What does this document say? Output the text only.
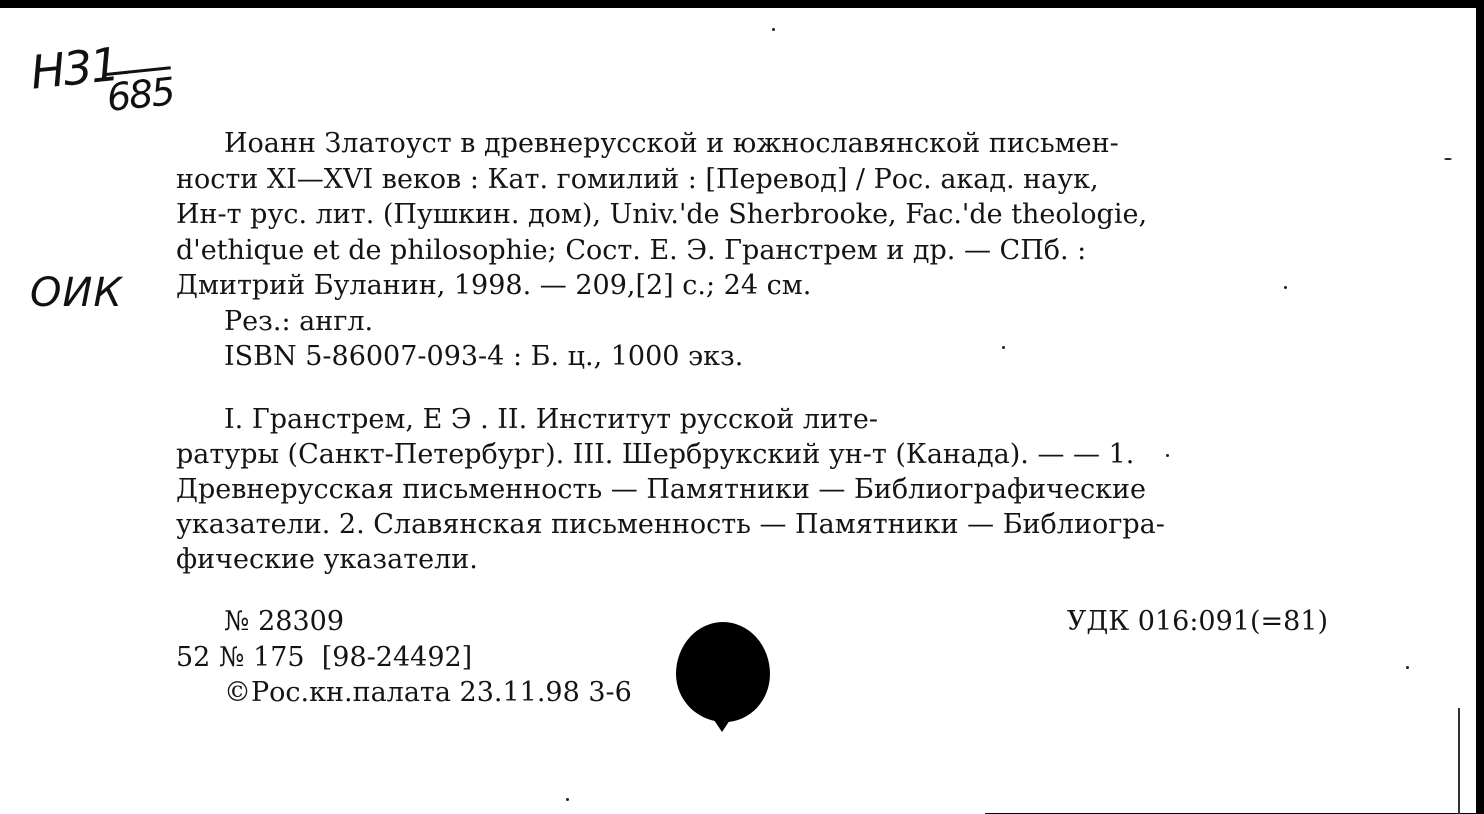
Н31685
ОИК
Иоанн Златоуст в древнерусской и южнославянской письмен-
ности XI—XVI веков : Кат. гомилий : [Перевод] / Рос. акад. наук,
Ин-т рус. лит. (Пушкин. дом), Univ.'de Sherbrooke, Fac.'de theologie,
d'ethique et de philosophie; Сост. Е. Э. Гранстрем и др. — СПб. :
Дмитрий Буланин, 1998. — 209,[2] с.; 24 см.
Рез.: англ.
ISBN 5-86007-093-4 : Б. ц., 1000 экз.
I. Гранстрем, Е Э . II. Институт русской лите-
ратуры (Санкт-Петербург). III. Шербрукский ун-т (Канада). — — 1.
Древнерусская письменность — Памятники — Библиографические
указатели. 2. Славянская письменность — Памятники — Библиогра-
фические указатели.
№ 28309
52 № 175  [98-24492]
©Рос.кн.палата 23.11.98 3-6
УДК 016:091(=81)
